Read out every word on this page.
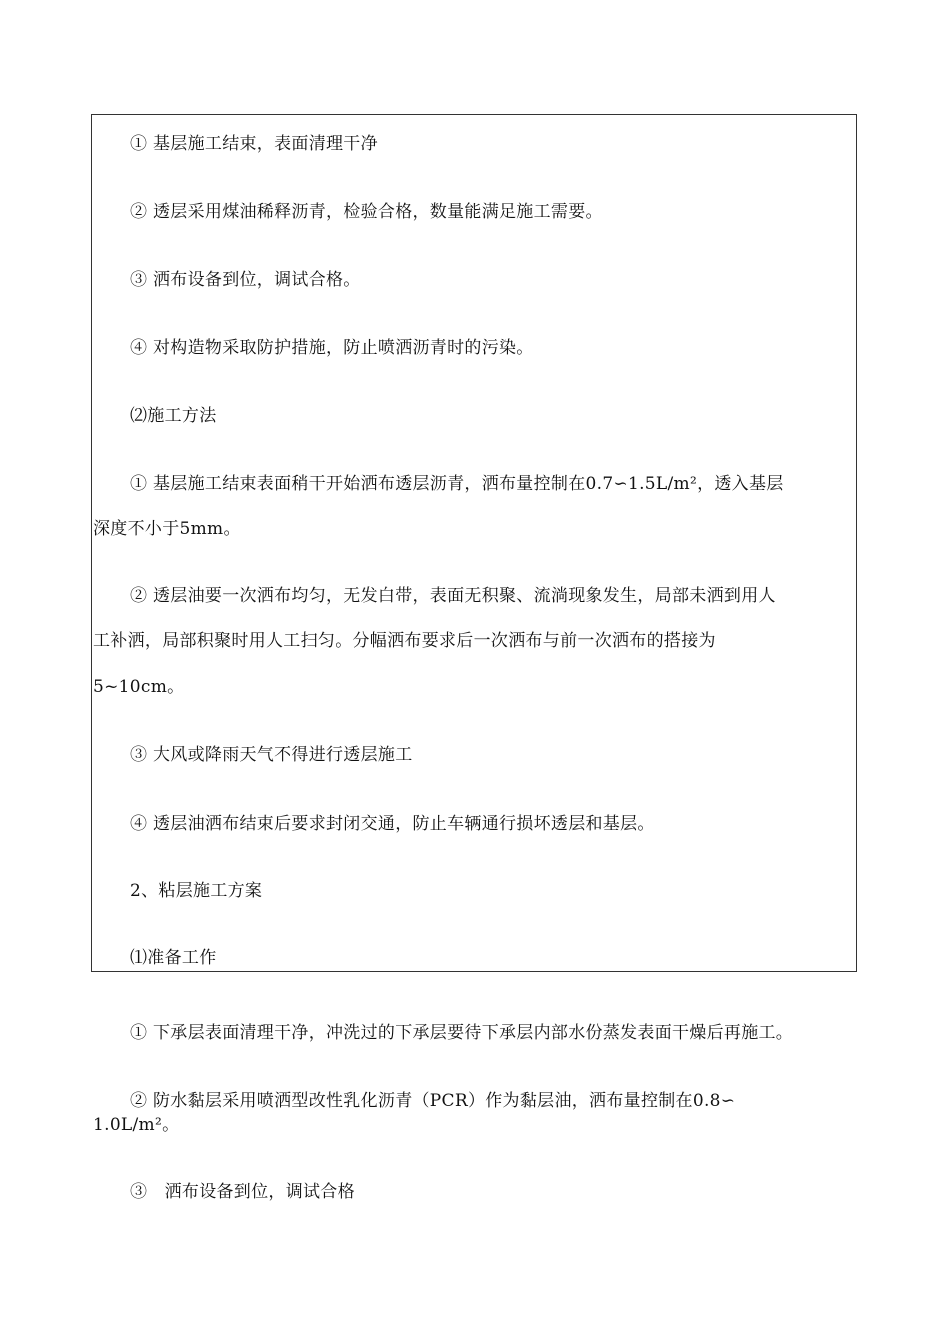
① 基层施工结束，表面清理干净
② 透层采用煤油稀释沥青，检验合格，数量能满足施工需要。
③ 洒布设备到位，调试合格。
④ 对构造物采取防护措施，防止喷洒沥青时的污染。
⑵施工方法
① 基层施工结束表面稍干开始洒布透层沥青，洒布量控制在0.7∽1.5L/m²，透入基层
深度不小于5mm。
② 透层油要一次洒布均匀，无发白带，表面无积聚、流淌现象发生，局部未洒到用人
工补洒，局部积聚时用人工扫匀。分幅洒布要求后一次洒布与前一次洒布的搭接为
5~10cm。
③ 大风或降雨天气不得进行透层施工
④ 透层油洒布结束后要求封闭交通，防止车辆通行损坏透层和基层。
2、粘层施工方案
⑴准备工作
① 下承层表面清理干净，冲洗过的下承层要待下承层内部水份蒸发表面干燥后再施工。
② 防水黏层采用喷洒型改性乳化沥青（PCR）作为黏层油，洒布量控制在0.8∽
1.0L/m²。
③　洒布设备到位，调试合格
